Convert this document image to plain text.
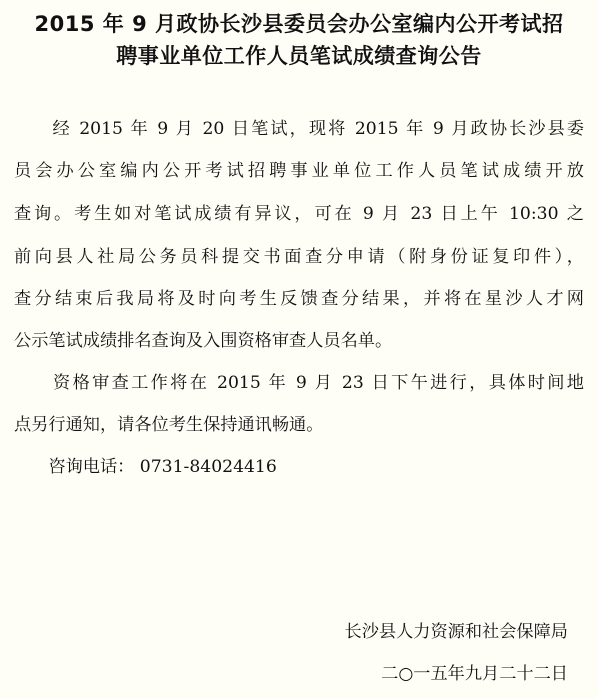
2015 年 9 月政协长沙县委员会办公室编内公开考试招
聘事业单位工作人员笔试成绩查询公告
　　经 2015 年 9 月 20 日笔试，现将 2015 年 9 月政协长沙县委
员会办公室编内公开考试招聘事业单位工作人员笔试成绩开放
查询。考生如对笔试成绩有异议，可在 9 月 23 日上午 10:30 之
前向县人社局公务员科提交书面查分申请（附身份证复印件），
查分结束后我局将及时向考生反馈查分结果，并将在星沙人才网
公示笔试成绩排名查询及入围资格审查人员名单。
　　资格审查工作将在 2015 年 9 月 23 日下午进行，具体时间地
点另行通知，请各位考生保持通讯畅通。
　　咨询电话： 0731-84024416
长沙县人力资源和社会保障局
二○一五年九月二十二日
